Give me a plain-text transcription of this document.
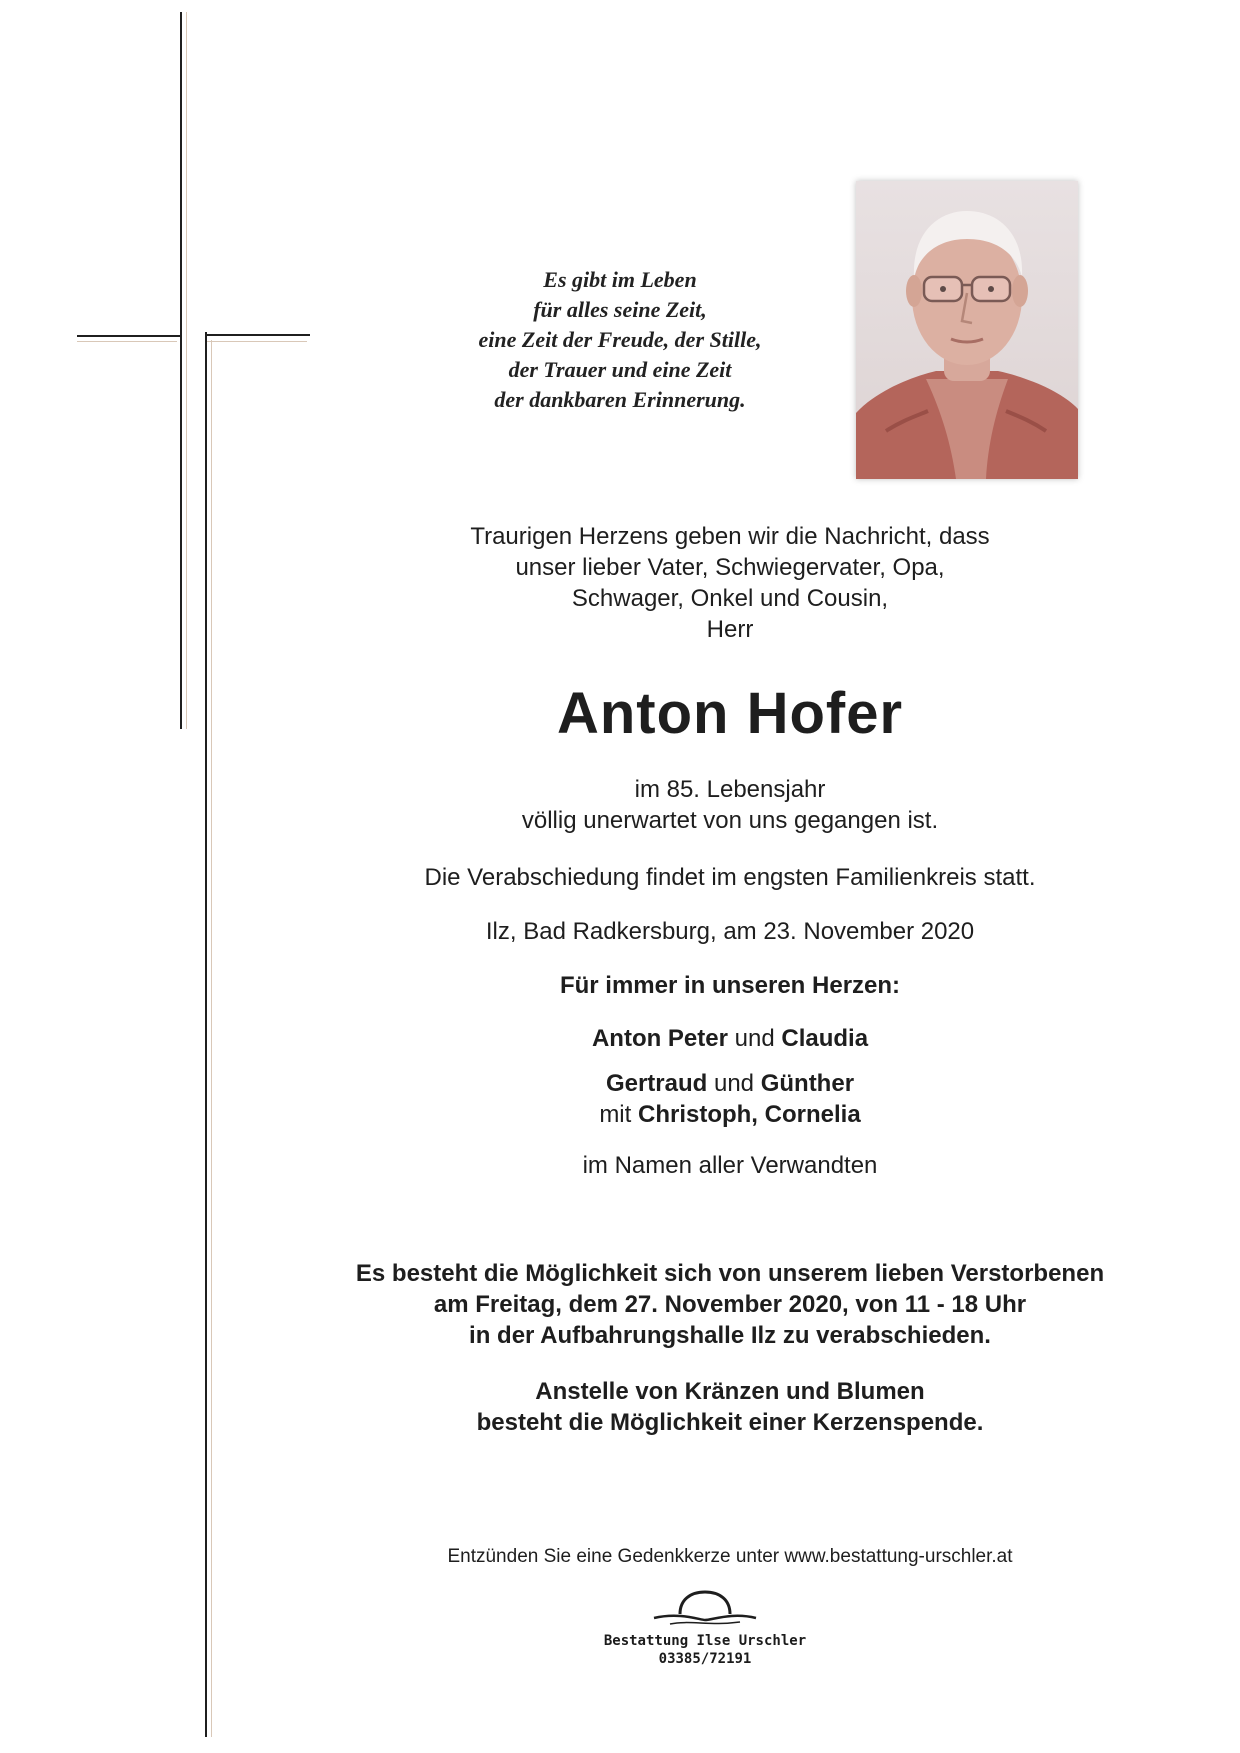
Es gibt im Leben
für alles seine Zeit,
eine Zeit der Freude, der Stille,
der Trauer und eine Zeit
der dankbaren Erinnerung.
Traurigen Herzens geben wir die Nachricht, dass
unser lieber Vater, Schwiegervater, Opa,
Schwager, Onkel und Cousin,
Herr
Anton Hofer
im 85. Lebensjahr
völlig unerwartet von uns gegangen ist.
Die Verabschiedung findet im engsten Familienkreis statt.
Ilz, Bad Radkersburg, am 23. November 2020
Für immer in unseren Herzen:
Anton Peter und Claudia
Gertraud und Günther
mit Christoph, Cornelia
im Namen aller Verwandten
Es besteht die Möglichkeit sich von unserem lieben Verstorbenen
am Freitag, dem 27. November 2020, von 11 - 18 Uhr
in der Aufbahrungshalle Ilz zu verabschieden.
Anstelle von Kränzen und Blumen
besteht die Möglichkeit einer Kerzenspende.
Entzünden Sie eine Gedenkkerze unter www.bestattung-urschler.at
Bestattung Ilse Urschler
03385/72191
